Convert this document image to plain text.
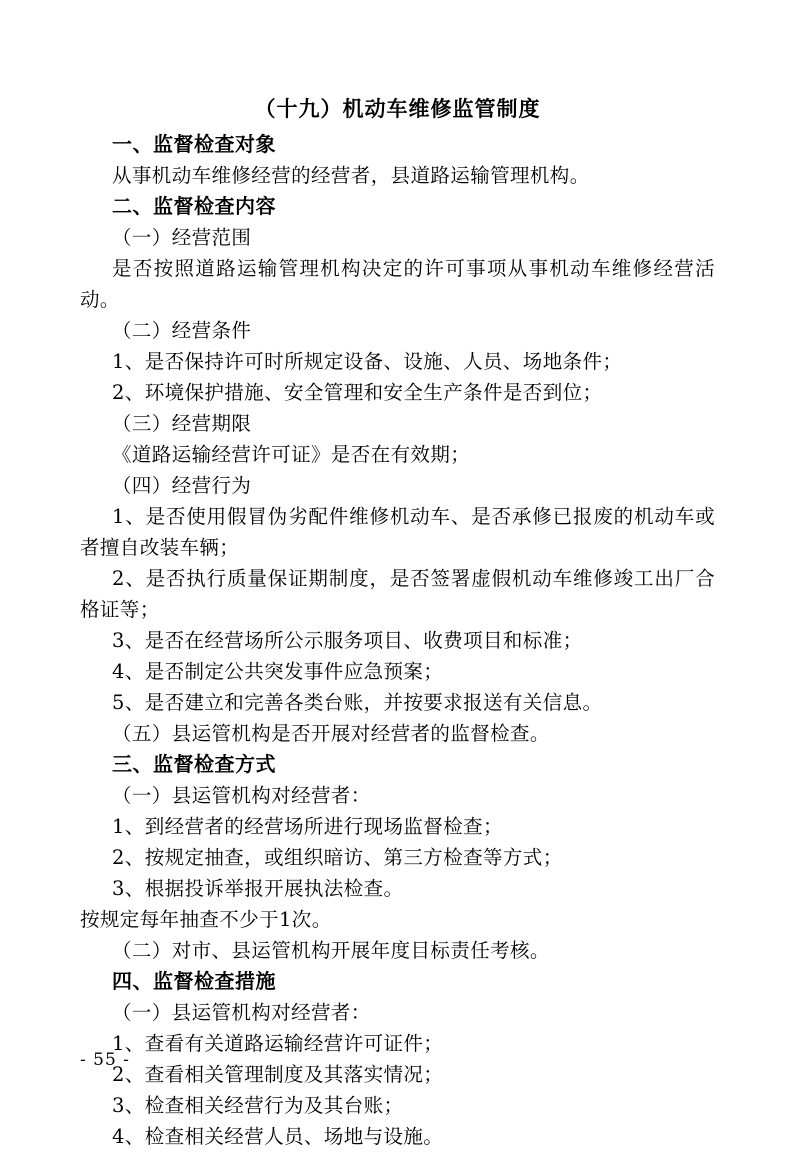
（十九）机动车维修监管制度
一、监督检查对象
从事机动车维修经营的经营者，县道路运输管理机构。
二、监督检查内容
（一）经营范围
是否按照道路运输管理机构决定的许可事项从事机动车维修经营活动。
（二）经营条件
1、是否保持许可时所规定设备、设施、人员、场地条件；
2、环境保护措施、安全管理和安全生产条件是否到位；
（三）经营期限
《道路运输经营许可证》是否在有效期；
（四）经营行为
1、是否使用假冒伪劣配件维修机动车、是否承修已报废的机动车或者擅自改装车辆；
2、是否执行质量保证期制度，是否签署虚假机动车维修竣工出厂合格证等；
3、是否在经营场所公示服务项目、收费项目和标准；
4、是否制定公共突发事件应急预案；
5、是否建立和完善各类台账，并按要求报送有关信息。
（五）县运管机构是否开展对经营者的监督检查。
三、监督检查方式
（一）县运管机构对经营者：
1、到经营者的经营场所进行现场监督检查；
2、按规定抽查，或组织暗访、第三方检查等方式；
3、根据投诉举报开展执法检查。
按规定每年抽查不少于1次。
（二）对市、县运管机构开展年度目标责任考核。
四、监督检查措施
（一）县运管机构对经营者：
1、查看有关道路运输经营许可证件；
2、查看相关管理制度及其落实情况；
3、检查相关经营行为及其台账；
4、检查相关经营人员、场地与设施。
- 55 -
